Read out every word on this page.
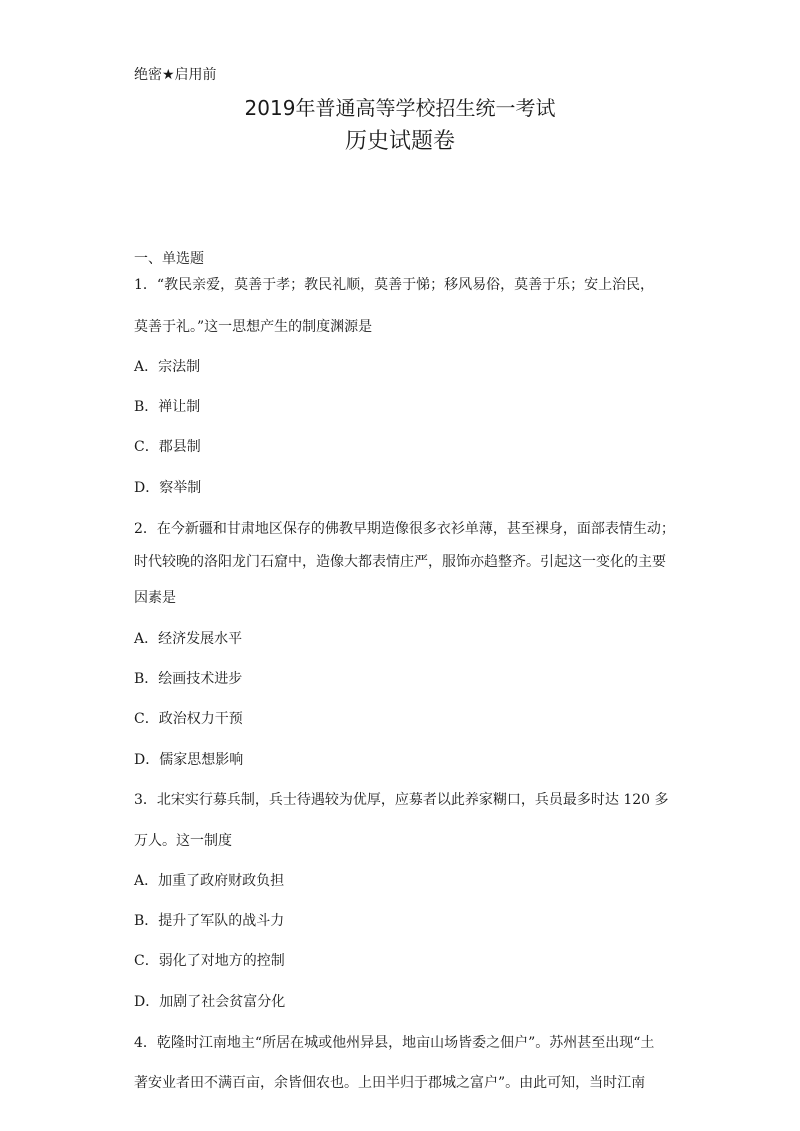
绝密★启用前
2019年普通高等学校招生统一考试
历史试题卷
一、单选题
1．“教民亲爱，莫善于孝；教民礼顺，莫善于悌；移风易俗，莫善于乐；安上治民，
莫善于礼。”这一思想产生的制度渊源是
A．宗法制
B．禅让制
C．郡县制
D．察举制
2．在今新疆和甘肃地区保存的佛教早期造像很多衣衫单薄，甚至裸身，面部表情生动；
时代较晚的洛阳龙门石窟中，造像大都表情庄严，服饰亦趋整齐。引起这一变化的主要
因素是
A．经济发展水平
B．绘画技术进步
C．政治权力干预
D．儒家思想影响
3．北宋实行募兵制，兵士待遇较为优厚，应募者以此养家糊口，兵员最多时达 120 多
万人。这一制度
A．加重了政府财政负担
B．提升了军队的战斗力
C．弱化了对地方的控制
D．加剧了社会贫富分化
4．乾隆时江南地主“所居在城或他州异县，地亩山场皆委之佃户”。苏州甚至出现“土
著安业者田不满百亩，余皆佃农也。上田半归于郡城之富户”。由此可知，当时江南
